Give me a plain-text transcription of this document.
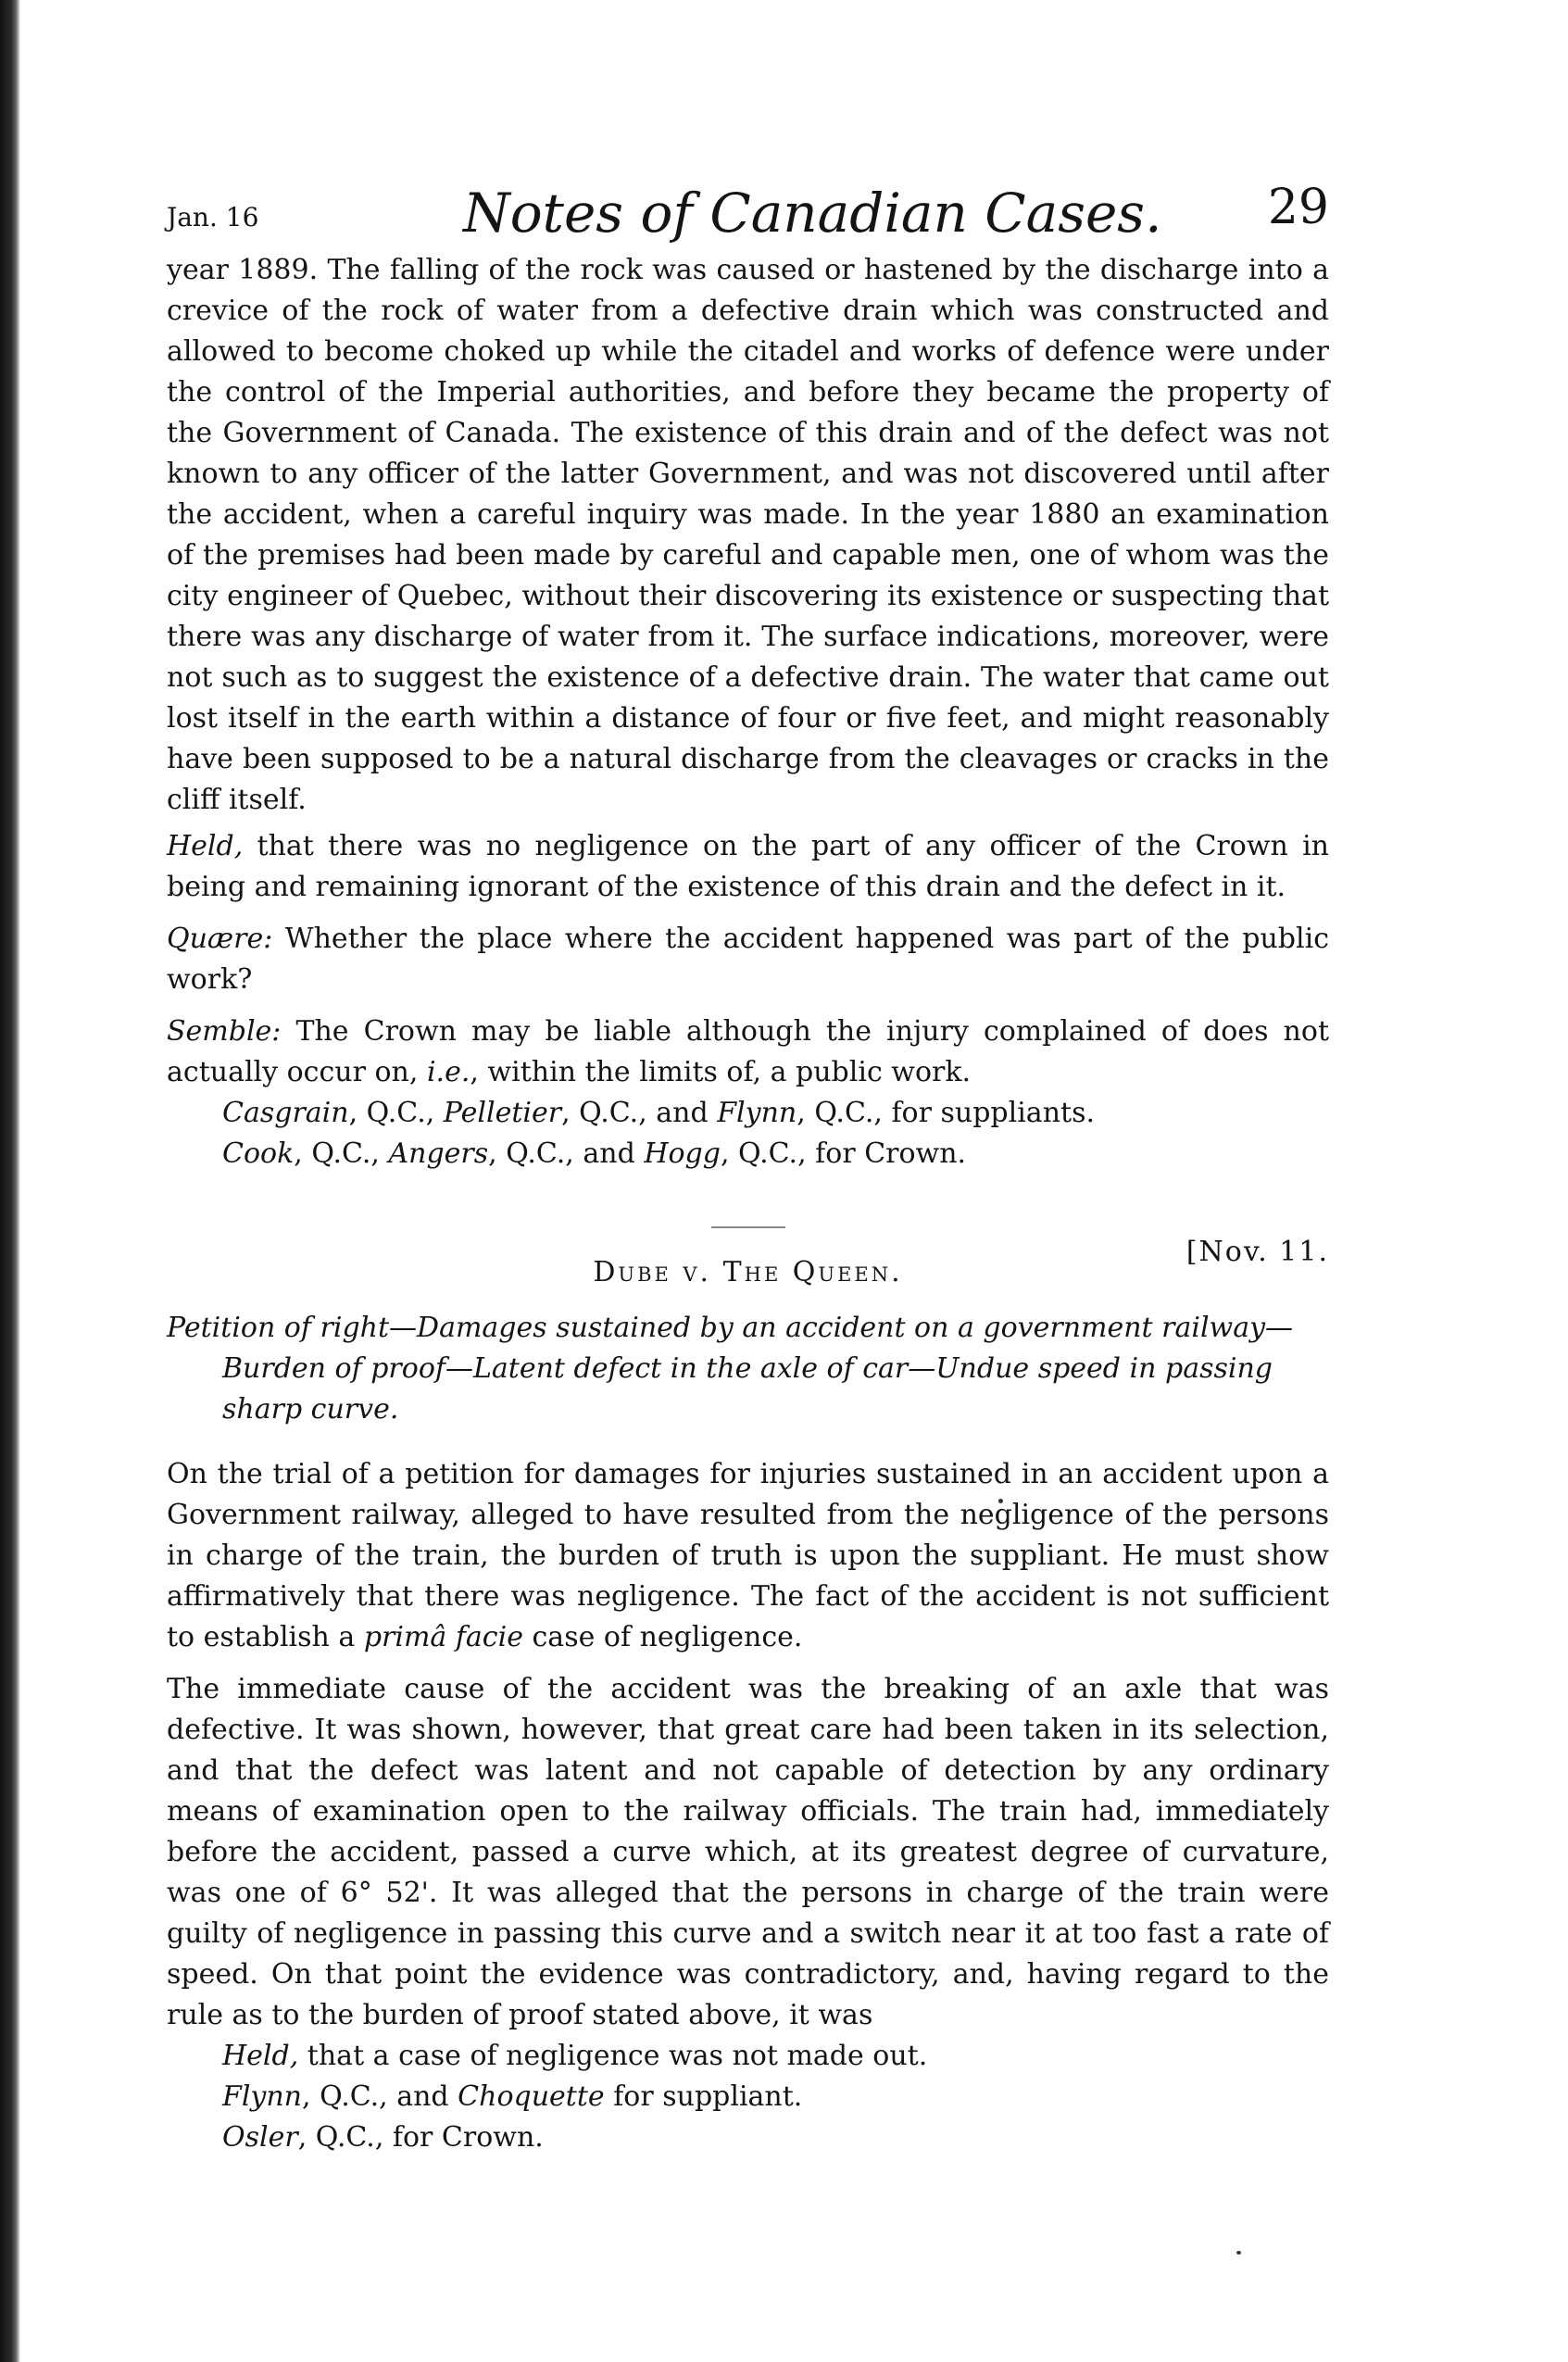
Jan. 16	Notes of Canadian Cases. 29

year 1889. The falling of the rock was caused or hastened by the discharge into a crevice of the rock of water from a defective drain which was constructed and allowed to become choked up while the citadel and works of defence were under the control of the Imperial authorities, and before they became the property of the Government of Canada. The existence of this drain and of the defect was not known to any officer of the latter Government, and was not discovered until after the accident, when a careful inquiry was made. In the year 1880 an examination of the premises had been made by careful and capable men, one of whom was the city engineer of Quebec, without their discovering its existence or suspecting that there was any discharge of water from it. The surface indications, moreover, were not such as to suggest the existence of a defective drain. The water that came out lost itself in the earth within a distance of four or five feet, and might reasonably have been supposed to be a natural discharge from the cleavages or cracks in the cliff itself.

Held, that there was no negligence on the part of any officer of the Crown in being and remaining ignorant of the existence of this drain and the defect in it.

Quære: Whether the place where the accident happened was part of the public work?

Semble: The Crown may be liable although the injury complained of does not actually occur on, i.e., within the limits of, a public work.

Casgrain, Q.C., Pelletier, Q.C., and Flynn, Q.C., for suppliants.

Cook, Q.C., Angers, Q.C., and Hogg, Q.C., for Crown.

Dube v. The Queen.
[Nov. 11.
Petition of right—Damages sustained by an accident on a government railway—Burden of proof—Latent defect in the axle of car—Undue speed in passing sharp curve.

On the trial of a petition for damages for injuries sustained in an accident upon a Government railway, alleged to have resulted from the negligence of the persons in charge of the train, the burden of truth is upon the suppliant. He must show affirmatively that there was negligence. The fact of the accident is not sufficient to establish a primâ facie case of negligence.

The immediate cause of the accident was the breaking of an axle that was defective. It was shown, however, that great care had been taken in its selection, and that the defect was latent and not capable of detection by any ordinary means of examination open to the railway officials. The train had, immediately before the accident, passed a curve which, at its greatest degree of curvature, was one of 6° 52'. It was alleged that the persons in charge of the train were guilty of negligence in passing this curve and a switch near it at too fast a rate of speed. On that point the evidence was contradictory, and, having regard to the rule as to the burden of proof stated above, it was

Held, that a case of negligence was not made out.

Flynn, Q.C., and Choquette for suppliant.

Osler, Q.C., for Crown.
